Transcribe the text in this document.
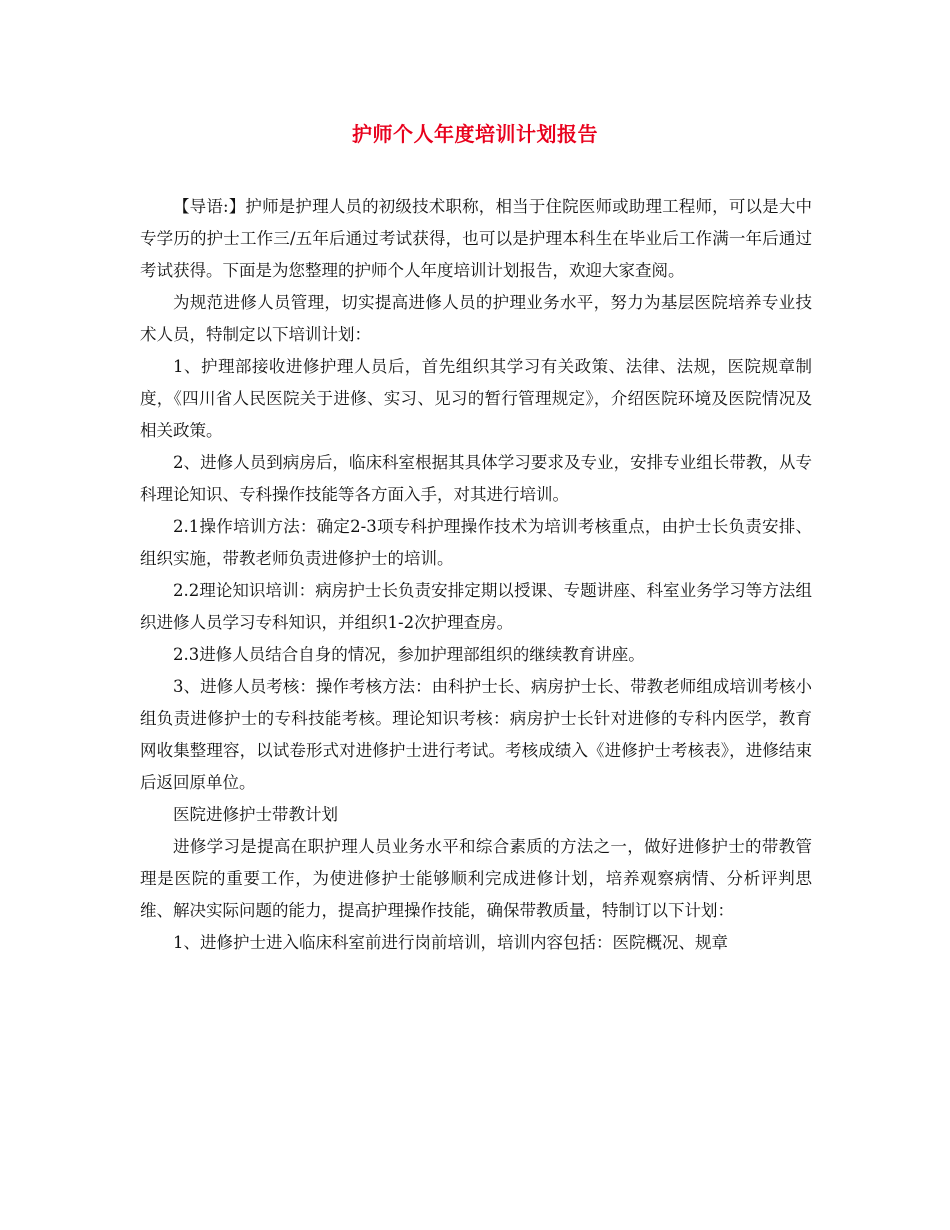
护师个人年度培训计划报告

【导语:】护师是护理人员的初级技术职称，相当于住院医师或助理工程师，可以是大中专学历的护士工作三/五年后通过考试获得，也可以是护理本科生在毕业后工作满一年后通过考试获得。下面是为您整理的护师个人年度培训计划报告，欢迎大家查阅。

为规范进修人员管理，切实提高进修人员的护理业务水平，努力为基层医院培养专业技术人员，特制定以下培训计划：

1、护理部接收进修护理人员后，首先组织其学习有关政策、法律、法规，医院规章制度，《四川省人民医院关于进修、实习、见习的暂行管理规定》，介绍医院环境及医院情况及相关政策。

2、进修人员到病房后，临床科室根据其具体学习要求及专业，安排专业组长带教，从专科理论知识、专科操作技能等各方面入手，对其进行培训。

2.1操作培训方法：确定2-3项专科护理操作技术为培训考核重点，由护士长负责安排、组织实施，带教老师负责进修护士的培训。

2.2理论知识培训：病房护士长负责安排定期以授课、专题讲座、科室业务学习等方法组织进修人员学习专科知识，并组织1-2次护理查房。

2.3进修人员结合自身的情况，参加护理部组织的继续教育讲座。

3、进修人员考核：操作考核方法：由科护士长、病房护士长、带教老师组成培训考核小组负责进修护士的专科技能考核。理论知识考核：病房护士长针对进修的专科内医学，教育网收集整理容，以试卷形式对进修护士进行考试。考核成绩入《进修护士考核表》，进修结束后返回原单位。

医院进修护士带教计划

进修学习是提高在职护理人员业务水平和综合素质的方法之一，做好进修护士的带教管理是医院的重要工作，为使进修护士能够顺利完成进修计划，培养观察病情、分析评判思维、解决实际问题的能力，提高护理操作技能，确保带教质量，特制订以下计划：

1、进修护士进入临床科室前进行岗前培训，培训内容包括：医院概况、规章
